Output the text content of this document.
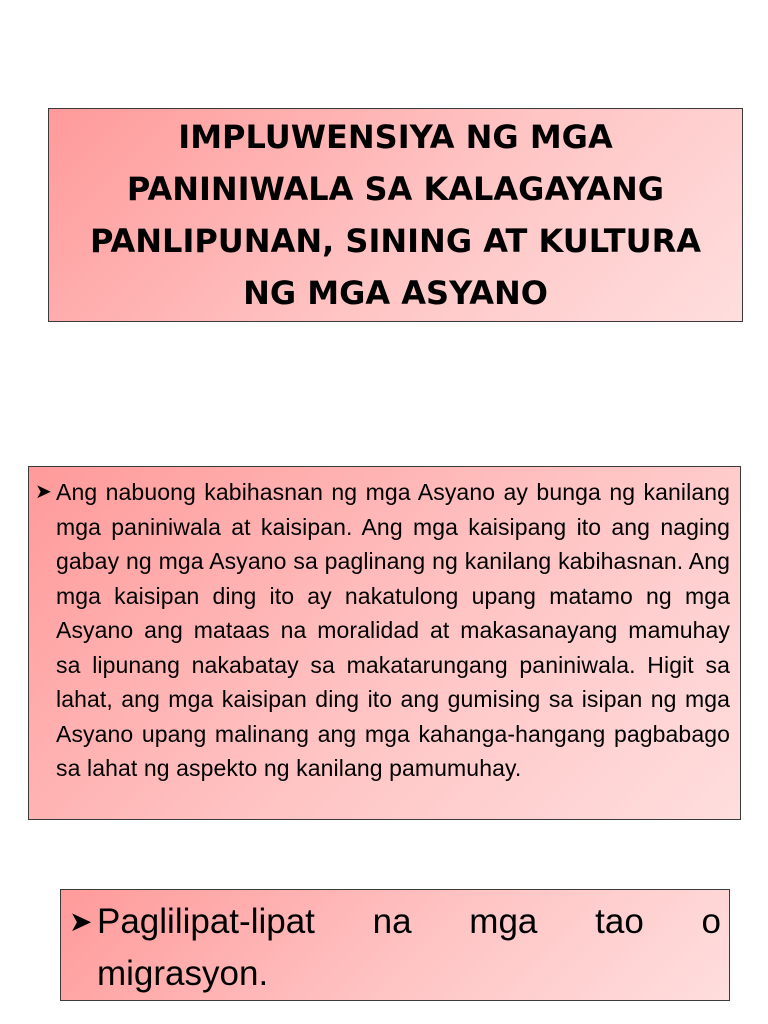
IMPLUWENSIYA NG MGA PANINIWALA SA KALAGAYANG PANLIPUNAN, SINING AT KULTURA NG MGA ASYANO
➤ Ang nabuong kabihasnan ng mga Asyano ay bunga ng kanilang mga paniniwala at kaisipan. Ang mga kaisipang ito ang naging gabay ng mga Asyano sa paglinang ng kanilang kabihasnan. Ang mga kaisipan ding ito ay nakatulong upang matamo ng mga Asyano ang mataas na moralidad at makasanayang mamuhay sa lipunang nakabatay sa makatarungang paniniwala. Higit sa lahat, ang mga kaisipan ding ito ang gumising sa isipan ng mga Asyano upang malinang ang mga kahanga-hangang pagbabago sa lahat ng aspekto ng kanilang pamumuhay.

➤ Paglilipat-lipat na mga tao o migrasyon.
